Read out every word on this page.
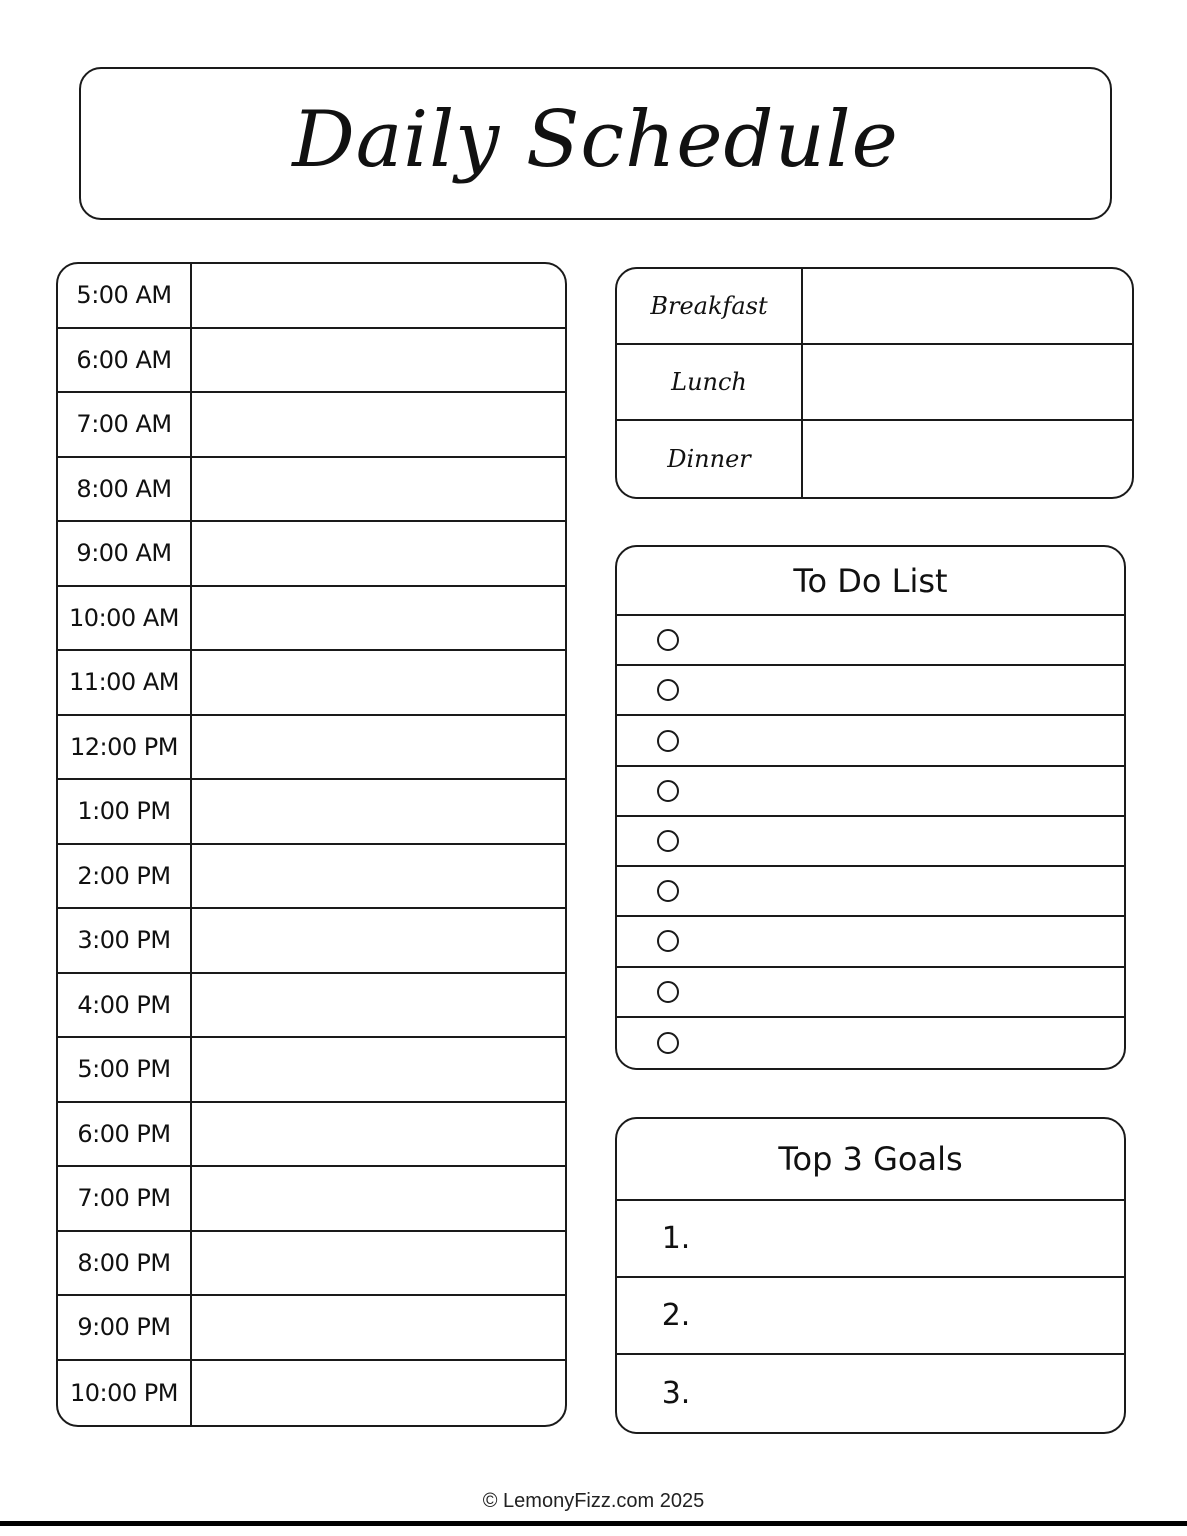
Daily Schedule
5:00 AM
6:00 AM
7:00 AM
8:00 AM
9:00 AM
10:00 AM
11:00 AM
12:00 PM
1:00 PM
2:00 PM
3:00 PM
4:00 PM
5:00 PM
6:00 PM
7:00 PM
8:00 PM
9:00 PM
10:00 PM
Breakfast
Lunch
Dinner
To Do List
Top 3 Goals
1.
2.
3.
© LemonyFizz.com 2025
